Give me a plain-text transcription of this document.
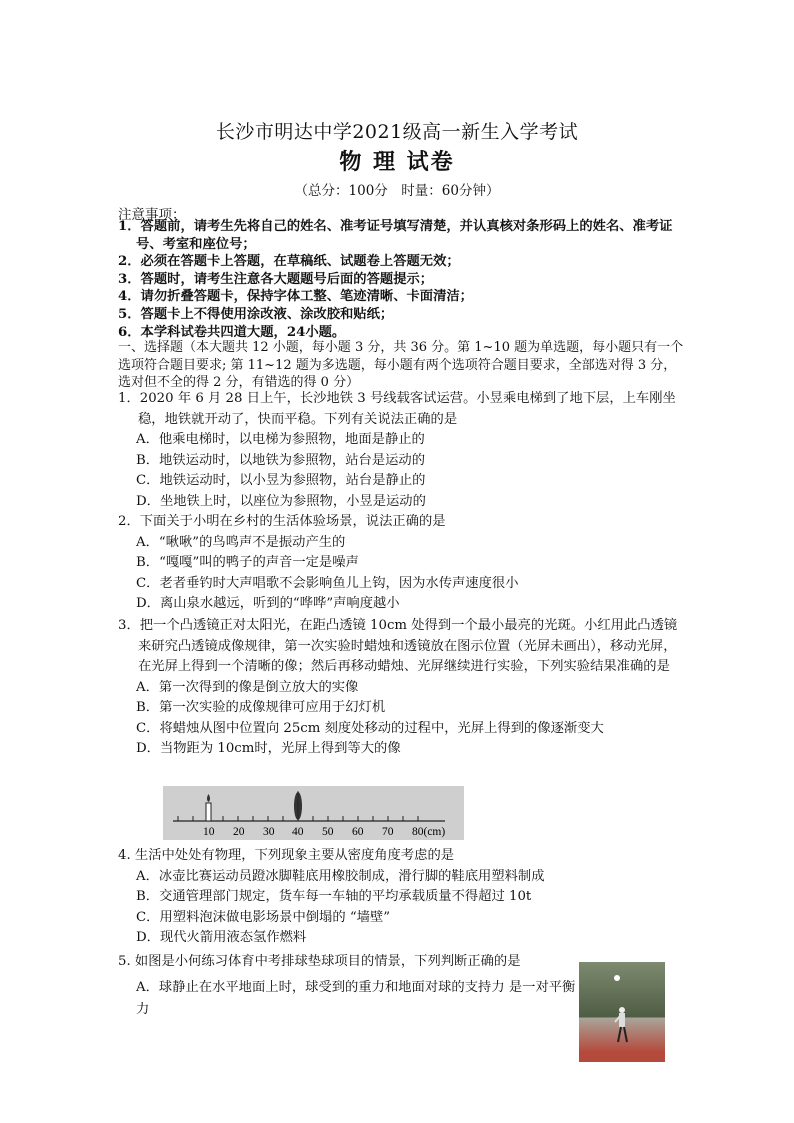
长沙市明达中学2021级高一新生入学考试
物 理 试卷
（总分：100分　时量：60分钟）
注意事项：
1．答题前，请考生先将自己的姓名、准考证号填写清楚，并认真核对条形码上的姓名、准考证号、考室和座位号；
2．必须在答题卡上答题，在草稿纸、试题卷上答题无效；
3．答题时，请考生注意各大题题号后面的答题提示；
4．请勿折叠答题卡，保持字体工整、笔迹清晰、卡面清洁；
5．答题卡上不得使用涂改液、涂改胶和贴纸；
6．本学科试卷共四道大题，24小题。
一、选择题（本大题共 12 小题，每小题 3 分，共 36 分。第 1~10 题为单选题，每小题只有一个选项符合题目要求; 第 11~12 题为多选题，每小题有两个选项符合题目要求，全部选对得 3 分，选对但不全的得 2 分，有错选的得 0 分）
1．2020 年 6 月 28 日上午，长沙地铁 3 号线载客试运营。小昱乘电梯到了地下层，上车刚坐稳，地铁就开动了，快而平稳。下列有关说法正确的是
A．他乘电梯时，以电梯为参照物，地面是静止的
B．地铁运动时，以地铁为参照物，站台是运动的
C．地铁运动时，以小昱为参照物，站台是静止的
D．坐地铁上时，以座位为参照物，小昱是运动的
2．下面关于小明在乡村的生活体验场景，说法正确的是
A．“啾啾”的鸟鸣声不是振动产生的
B．“嘎嘎”叫的鸭子的声音一定是噪声
C．老者垂钓时大声唱歌不会影响鱼儿上钩，因为水传声速度很小
D．离山泉水越远，听到的“哗哗”声响度越小
3．把一个凸透镜正对太阳光，在距凸透镜 10cm 处得到一个最小最亮的光斑。小红用此凸透镜来研究凸透镜成像规律，第一次实验时蜡烛和透镜放在图示位置（光屏未画出），移动光屏，在光屏上得到一个清晰的像；然后再移动蜡烛、光屏继续进行实验，下列实验结果准确的是
A．第一次得到的像是倒立放大的实像
B．第一次实验的成像规律可应用于幻灯机
C．将蜡烛从图中位置向 25cm 刻度处移动的过程中，光屏上得到的像逐渐变大
D．当物距为 10cm时，光屏上得到等大的像
10 20 30 40 50 60 70 80(cm)
4. 生活中处处有物理，下列现象主要从密度角度考虑的是
A．冰壶比赛运动员蹬冰脚鞋底用橡胶制成，滑行脚的鞋底用塑料制成
B．交通管理部门规定，货车每一车轴的平均承载质量不得超过 10t
C．用塑料泡沫做电影场景中倒塌的 “墙壁”
D．现代火箭用液态氢作燃料
5. 如图是小何练习体育中考排球垫球项目的情景，下列判断正确的是
A．球静止在水平地面上时，球受到的重力和地面对球的支持力 是一对平衡力
